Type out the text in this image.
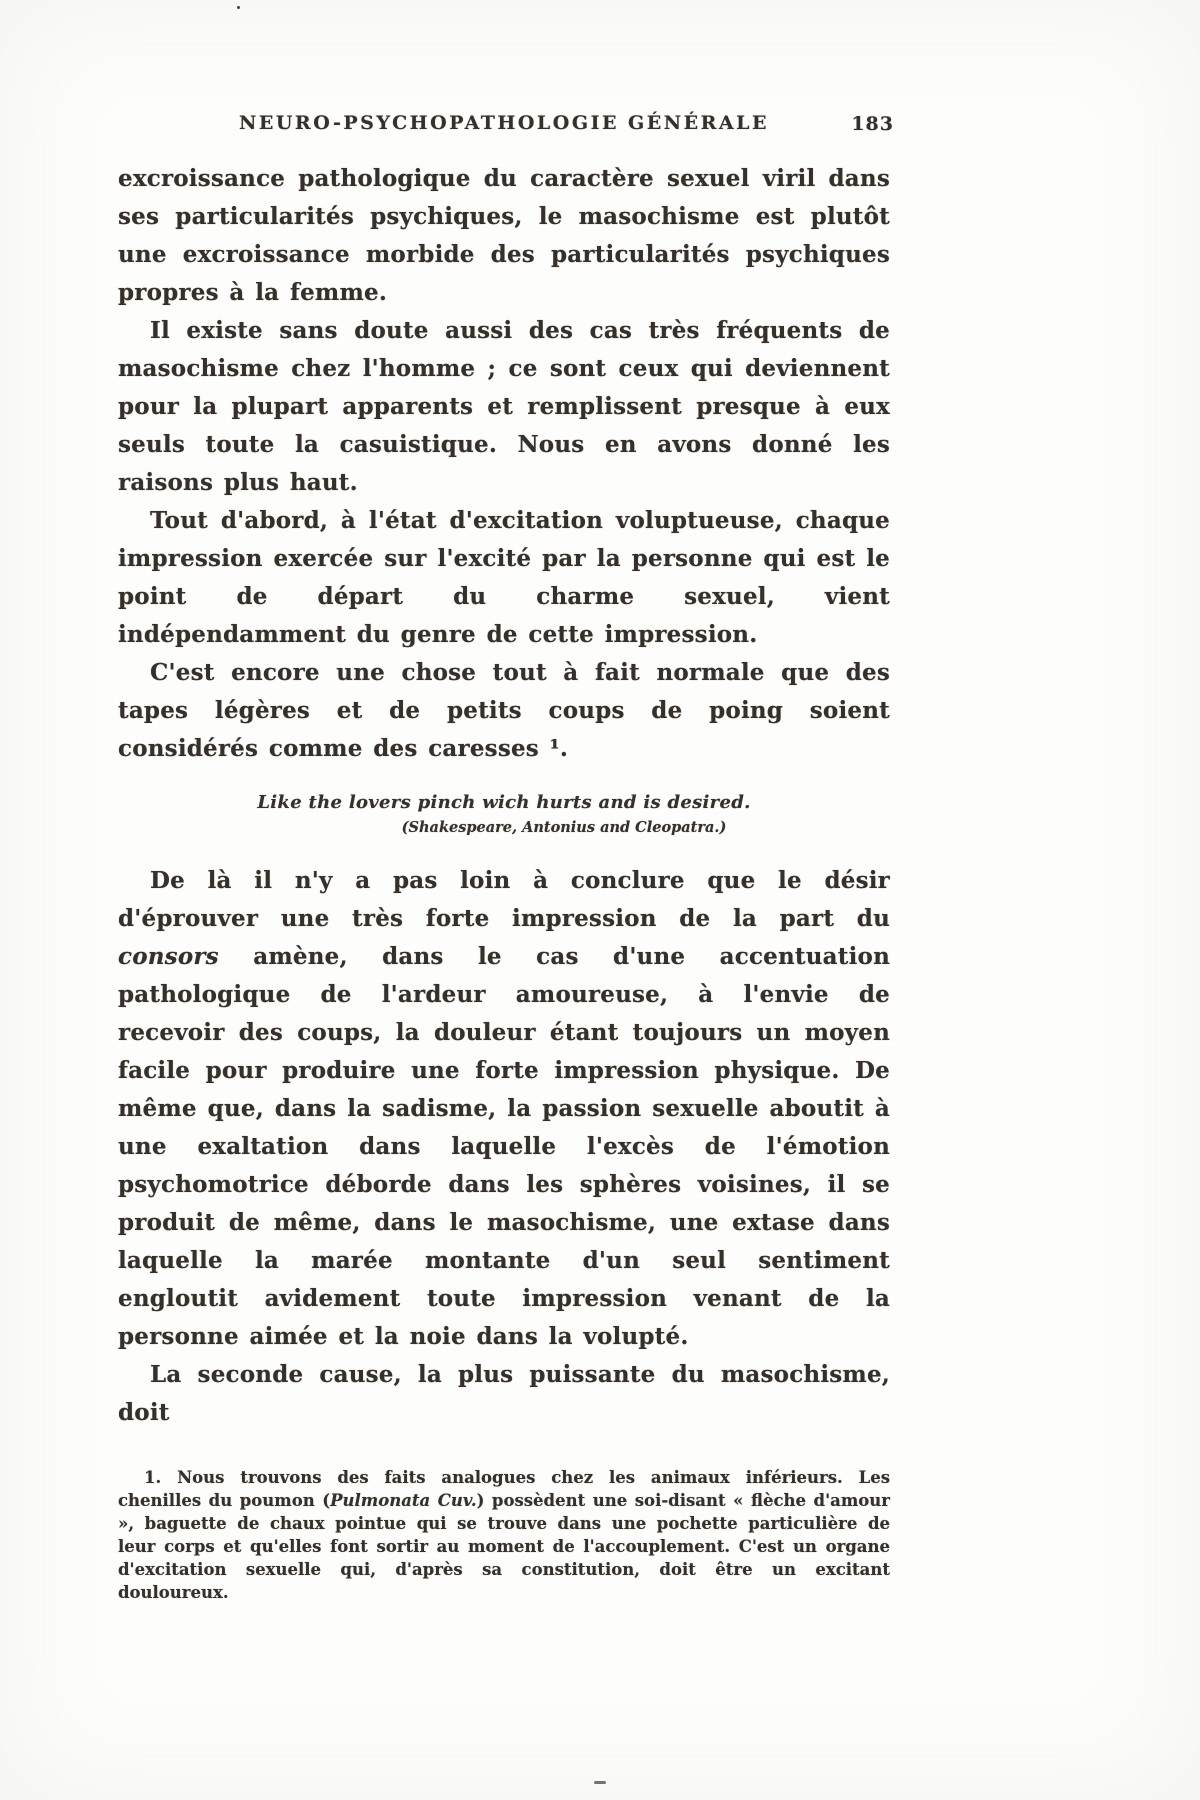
NEURO-PSYCHOPATHOLOGIE GÉNÉRALE	183

excroissance pathologique du caractère sexuel viril dans ses particularités psychiques, le masochisme est plutôt une excroissance morbide des particularités psychiques propres à la femme.

Il existe sans doute aussi des cas très fréquents de masochisme chez l'homme ; ce sont ceux qui deviennent pour la plupart apparents et remplissent presque à eux seuls toute la casuistique. Nous en avons donné les raisons plus haut.

Tout d'abord, à l'état d'excitation voluptueuse, chaque impression exercée sur l'excité par la personne qui est le point de départ du charme sexuel, vient indépendamment du genre de cette impression.

C'est encore une chose tout à fait normale que des tapes légères et de petits coups de poing soient considérés comme des caresses ¹.

Like the lovers pinch wich hurts and is desired.
(Shakespeare, Antonius and Cleopatra.)

De là il n'y a pas loin à conclure que le désir d'éprouver une très forte impression de la part du consors amène, dans le cas d'une accentuation pathologique de l'ardeur amoureuse, à l'envie de recevoir des coups, la douleur étant toujours un moyen facile pour produire une forte impression physique. De même que, dans la sadisme, la passion sexuelle aboutit à une exaltation dans laquelle l'excès de l'émotion psychomotrice déborde dans les sphères voisines, il se produit de même, dans le masochisme, une extase dans laquelle la marée montante d'un seul sentiment engloutit avidement toute impression venant de la personne aimée et la noie dans la volupté.

La seconde cause, la plus puissante du masochisme, doit

1. Nous trouvons des faits analogues chez les animaux inférieurs. Les chenilles du poumon (Pulmonata Cuv.) possèdent une soi-disant « flèche d'amour », baguette de chaux pointue qui se trouve dans une pochette particulière de leur corps et qu'elles font sortir au moment de l'accouplement. C'est un organe d'excitation sexuelle qui, d'après sa constitution, doit être un excitant douloureux.
